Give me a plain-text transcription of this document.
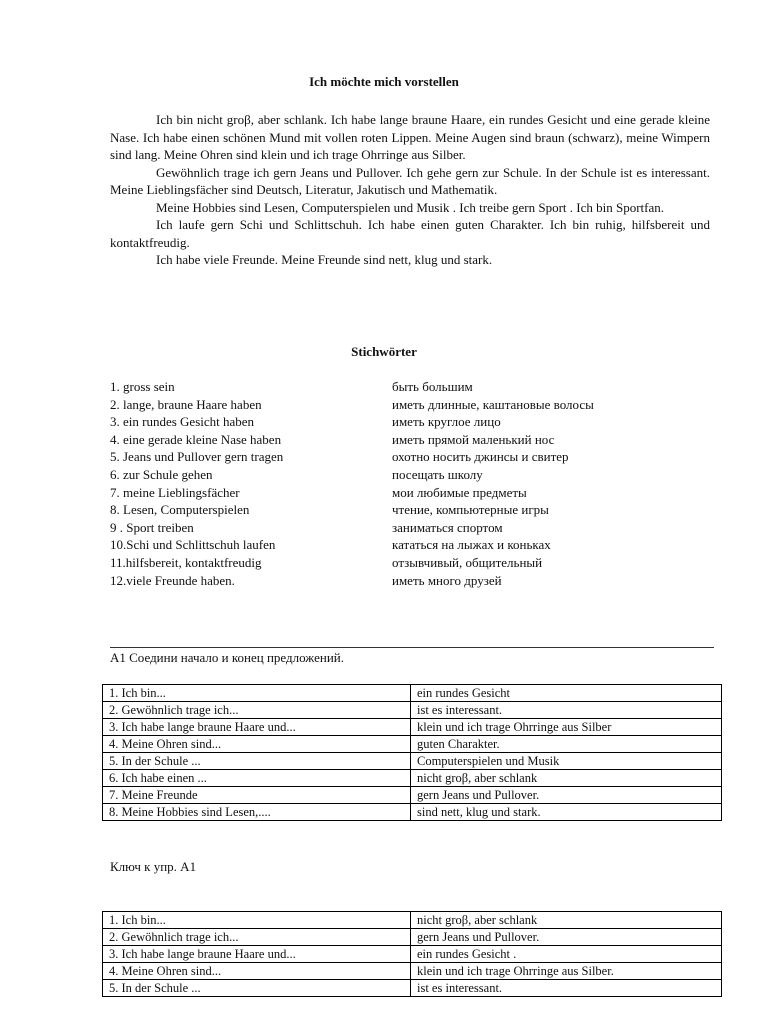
Ich möchte mich vorstellen

Ich bin nicht groβ, aber schlank. Ich habe lange braune Haare, ein rundes Gesicht und eine gerade kleine Nase. Ich habe einen schönen Mund mit vollen roten Lippen. Meine Augen sind braun (schwarz), meine Wimpern sind lang. Meine Ohren sind klein und ich trage Ohrringe aus Silber.

Gewöhnlich trage ich gern Jeans und Pullover. Ich gehe gern zur Schule. In der Schule ist es interessant. Meine Lieblingsfächer sind Deutsch, Literatur, Jakutisch und Mathematik.

Meine Hobbies sind Lesen, Computerspielen und Musik . Ich treibe gern Sport . Ich bin Sportfan.

Ich laufe gern Schi und Schlittschuh. Ich habe einen guten Charakter. Ich bin ruhig, hilfsbereit und kontaktfreudig.

Ich habe viele Freunde. Meine Freunde sind nett, klug und stark.

Stichwörter
1. gross sein	быть большим
2. lange, braune Haare haben	иметь длинные, каштановые волосы
3. ein rundes Gesicht haben	иметь круглое лицо
4. eine gerade kleine Nase haben	иметь прямой маленький нос
5. Jeans und Pullover gern tragen	охотно носить джинсы и свитер
6. zur Schule gehen	посещать школу
7. meine Lieblingsfächer	мои любимые предметы
8. Lesen, Computerspielen	чтение, компьютерные игры
9 . Sport treiben	заниматься спортом
10.Schi und Schlittschuh laufen	кататься на лыжах и коньках
11.hilfsbereit, kontaktfreudig	отзывчивый, общительный
12.viele Freunde haben.	иметь много друзей
A1 Соедини начало и конец предложений.
1. Ich bin...	ein rundes Gesicht
2. Gewöhnlich trage ich...	ist es interessant.
3. Ich habe lange braune Haare und...	klein und ich trage Ohrringe aus Silber
4. Meine Ohren sind...	guten Charakter.
5. In der Schule ...	Computerspielen und Musik
6. Ich habe einen ...	nicht groβ, aber schlank
7. Meine Freunde	gern Jeans und Pullover.
8. Meine Hobbies sind Lesen,....	sind nett, klug und stark.
Ключ к упр. A1
1. Ich bin...	nicht groβ, aber schlank
2. Gewöhnlich trage ich...	gern Jeans und Pullover.
3. Ich habe lange braune Haare und...	ein rundes Gesicht .
4. Meine Ohren sind...	klein und ich trage Ohrringe aus Silber.
5. In der Schule ...	ist es interessant.
